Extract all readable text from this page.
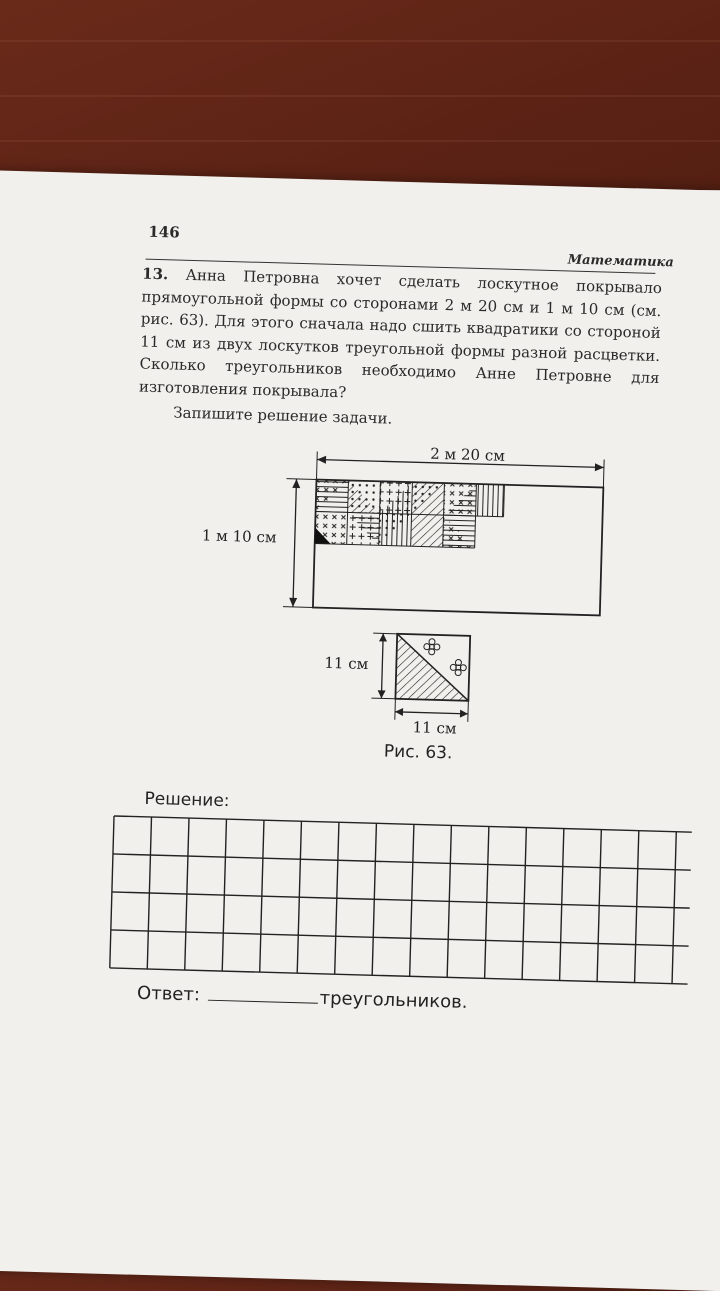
146
Математика
13. Анна Петровна хочет сделать лоскутное покрывало прямоугольной формы со сторонами 2 м 20 см и 1 м 10 см (см. рис. 63). Для этого сначала надо сшить квадратики со стороной 11 см из двух лоскутков треугольной формы разной расцветки. Сколько треугольников необходимо Анне Петровне для изготовления покрывала?
Запишите решение задачи.
2 м 20 см
1 м 10 см
11 см
11 см
Рис. 63.
Решение:
Ответ:	треугольников.
